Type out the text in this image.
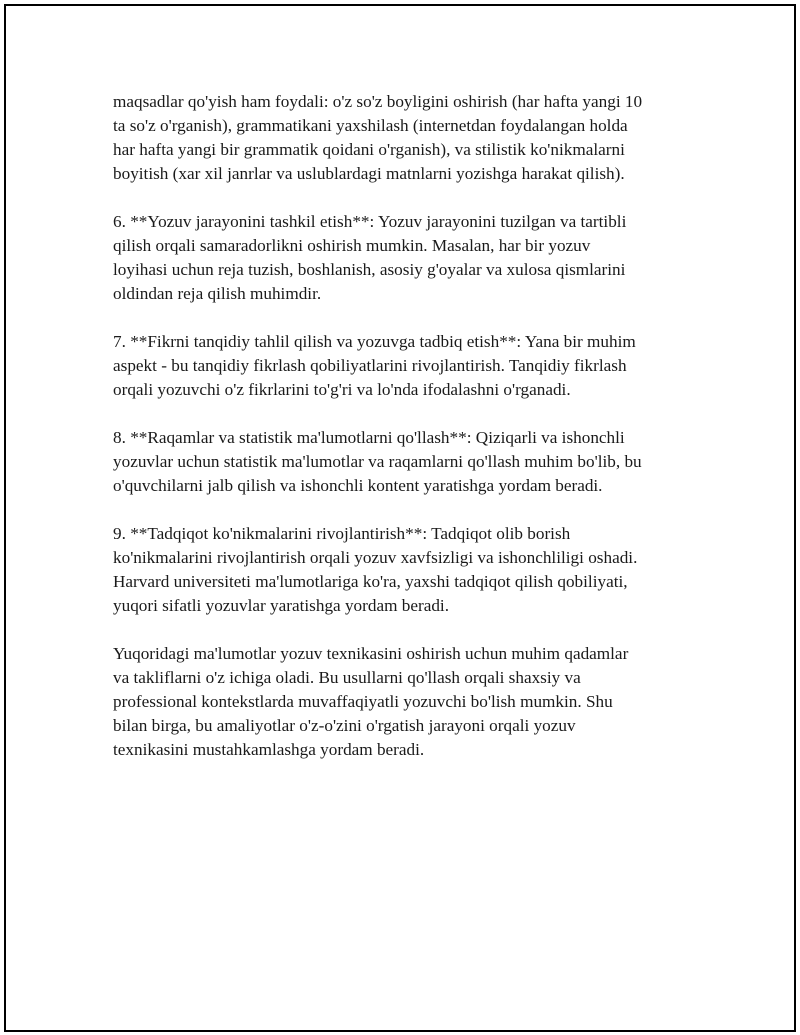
maqsadlar qo'yish ham foydali: o'z so'z boyligini oshirish (har hafta yangi 10
ta so'z o'rganish), grammatikani yaxshilash (internetdan foydalangan holda
har hafta yangi bir grammatik qoidani o'rganish), va stilistik ko'nikmalarni
boyitish (xar xil janrlar va uslublardagi matnlarni yozishga harakat qilish).

6. **Yozuv jarayonini tashkil etish**: Yozuv jarayonini tuzilgan va tartibli
qilish orqali samaradorlikni oshirish mumkin. Masalan, har bir yozuv
loyihasi uchun reja tuzish, boshlanish, asosiy g'oyalar va xulosa qismlarini
oldindan reja qilish muhimdir.

7. **Fikrni tanqidiy tahlil qilish va yozuvga tadbiq etish**: Yana bir muhim
aspekt - bu tanqidiy fikrlash qobiliyatlarini rivojlantirish. Tanqidiy fikrlash
orqali yozuvchi o'z fikrlarini to'g'ri va lo'nda ifodalashni o'rganadi.

8. **Raqamlar va statistik ma'lumotlarni qo'llash**: Qiziqarli va ishonchli
yozuvlar uchun statistik ma'lumotlar va raqamlarni qo'llash muhim bo'lib, bu
o'quvchilarni jalb qilish va ishonchli kontent yaratishga yordam beradi.

9. **Tadqiqot ko'nikmalarini rivojlantirish**: Tadqiqot olib borish
ko'nikmalarini rivojlantirish orqali yozuv xavfsizligi va ishonchliligi oshadi.
Harvard universiteti ma'lumotlariga ko'ra, yaxshi tadqiqot qilish qobiliyati,
yuqori sifatli yozuvlar yaratishga yordam beradi.

Yuqoridagi ma'lumotlar yozuv texnikasini oshirish uchun muhim qadamlar
va takliflarni o'z ichiga oladi. Bu usullarni qo'llash orqali shaxsiy va
professional kontekstlarda muvaffaqiyatli yozuvchi bo'lish mumkin. Shu
bilan birga, bu amaliyotlar o'z-o'zini o'rgatish jarayoni orqali yozuv
texnikasini mustahkamlashga yordam beradi.
